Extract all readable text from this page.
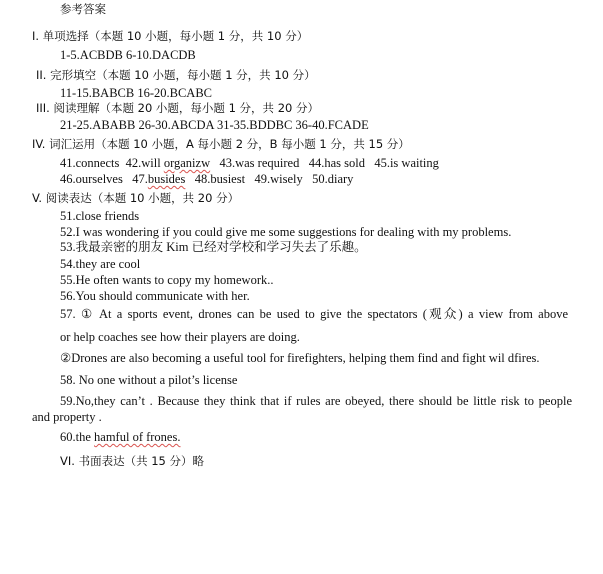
参考答案
I. 单项选择（本题 10 小题，每小题 1 分，共 10 分）
1-5.ACBDB 6-10.DACDB
II. 完形填空（本题 10 小题，每小题 1 分，共 10 分）
11-15.BABCB 16-20.BCABC
III. 阅读理解（本题 20 小题，每小题 1 分，共 20 分）
21-25.ABABB 26-30.ABCDA 31-35.BDDBC 36-40.FCADE
IV. 词汇运用（本题 10 小题，A 每小题 2 分，B 每小题 1 分，共 15 分）
41.connects 42.will organizw 43.was required 44.has sold 45.is waiting
46.ourselves 47.busides 48.busiest 49.wisely 50.diary
V. 阅读表达（本题 10 小题，共 20 分）
51.close friends
52.I was wondering if you could give me some suggestions for dealing with my problems.
53.我最亲密的朋友 Kim 已经对学校和学习失去了乐趣。
54.they are cool
55.He often wants to copy my homework..
56.You should communicate with her.
57. ① At a sports event, drones can be used to give the spectators (观众) a view from above
or help coaches see how their players are doing.
②Drones are also becoming a useful tool for firefighters, helping them find and fight wil dfires.
58. No one without a pilot’s license
59.No,they can’t . Because they think that if rules are obeyed, there should be little risk to people
and property .
60.the hamful of frones.
VI. 书面表达（共 15 分）略
